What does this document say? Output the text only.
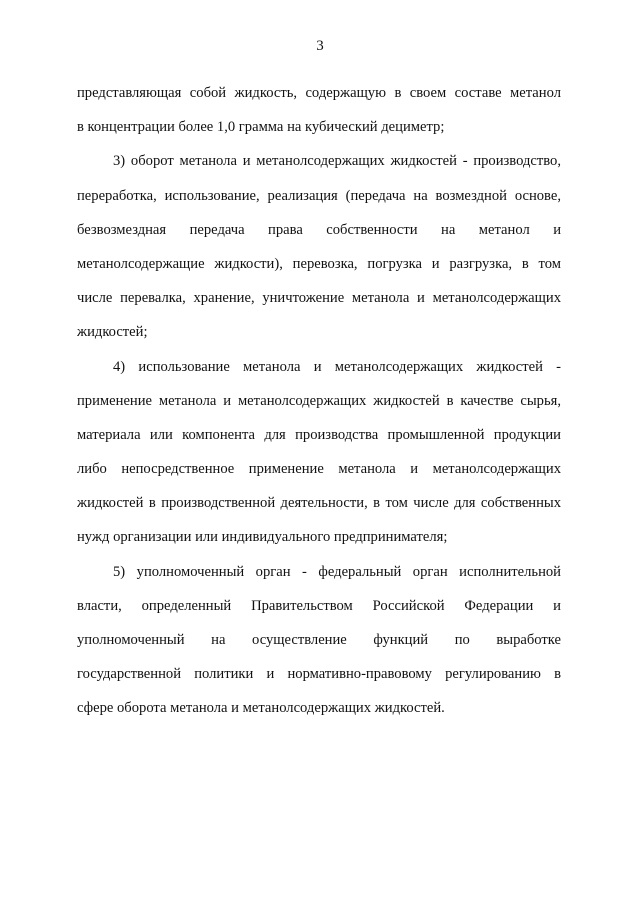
3
представляющая собой жидкость, содержащую в своем составе метанол
в концентрации более 1,0 грамма на кубический дециметр;
3) оборот метанола и метанолсодержащих жидкостей - производство,
переработка, использование, реализация (передача на возмездной основе,
безвозмездная передача права собственности на метанол и
метанолсодержащие жидкости), перевозка, погрузка и разгрузка, в том
числе перевалка, хранение, уничтожение метанола и метанолсодержащих
жидкостей;
4) использование метанола и метанолсодержащих жидкостей -
применение метанола и метанолсодержащих жидкостей в качестве сырья,
материала или компонента для производства промышленной продукции
либо непосредственное применение метанола и метанолсодержащих
жидкостей в производственной деятельности, в том числе для собственных
нужд организации или индивидуального предпринимателя;
5) уполномоченный орган - федеральный орган исполнительной
власти, определенный Правительством Российской Федерации и
уполномоченный на осуществление функций по выработке
государственной политики и нормативно-правовому регулированию в
сфере оборота метанола и метанолсодержащих жидкостей.
